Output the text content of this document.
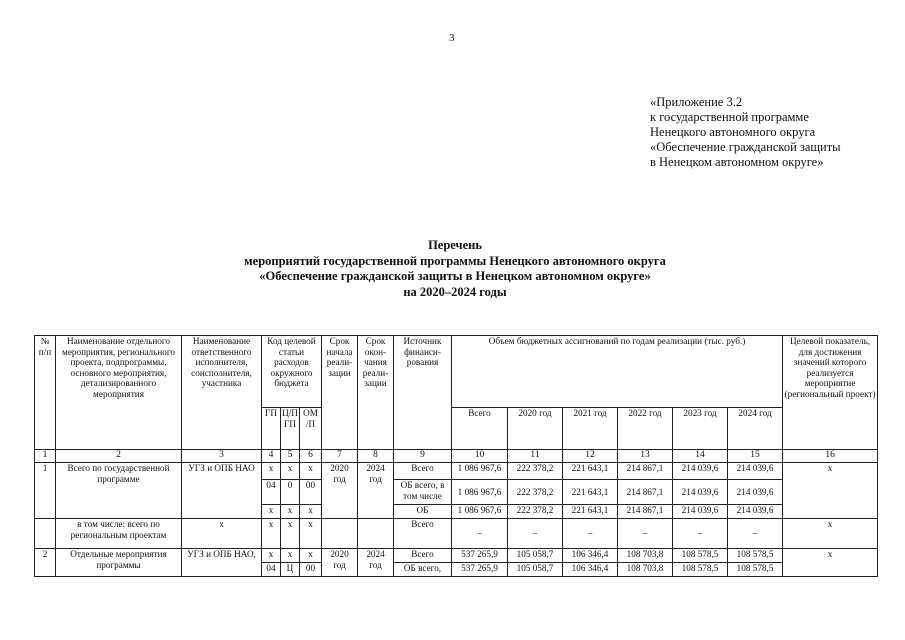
3
«Приложение 3.2
к государственной программе
Ненецкого автономного округа
«Обеспечение гражданской защиты
в Ненецком автономном округе»
Перечень
мероприятий государственной программы Ненецкого автономного округа
«Обеспечение гражданской защиты в Ненецком автономном округе»
на 2020–2024 годы
№ п/п	Наименование отдельного мероприятия, регионального проекта, подпрограммы, основного мероприятия, детализированного мероприятия	Наименование ответственного исполнителя, соисполнителя, участника	Код целевой статьи расходов окружного бюджета			Срок начала реали-зации	Срок окон-чания реали-зации	Источник финанси-рования	Объем бюджетных ассигнований по годам реализации (тыс. руб.)						Целевой показатель, для достижения значений которого реализуется мероприятие (региональный проект)
			ГП	Ц/П ГП	ОМ /П				Всего	2020 год	2021 год	2022 год	2023 год	2024 год	
1	2	3	4	5	6	7	8	9	10	11	12	13	14	15	16
1	Всего по государственной программе	УГЗ и ОПБ НАО	х	х	х	2020 год	2024 год	Всего	1 086 967,6	222 378,2	221 643,1	214 867,1	214 039,6	214 039,6	х
			04	0	00			ОБ всего, в том числе	1 086 967,6	222 378,2	221 643,1	214 867,1	214 039,6	214 039,6	
			х	х	х			ОБ	1 086 967,6	222 378,2	221 643,1	214 867,1	214 039,6	214 039,6	
	в том числе: всего по региональным проектам	х	х	х	х			Всего	–	–	–	–	–	–	х
2	Отдельные мероприятия программы	УГЗ и ОПБ НАО,	х	х	х	2020 год	2024 год	Всего	537 265,9	105 058,7	106 346,4	108 703,8	108 578,5	108 578,5	х
			04	Ц	00			ОБ всего,	537 265,9	105 058,7	106 346,4	108 703,8	108 578,5	108 578,5	
